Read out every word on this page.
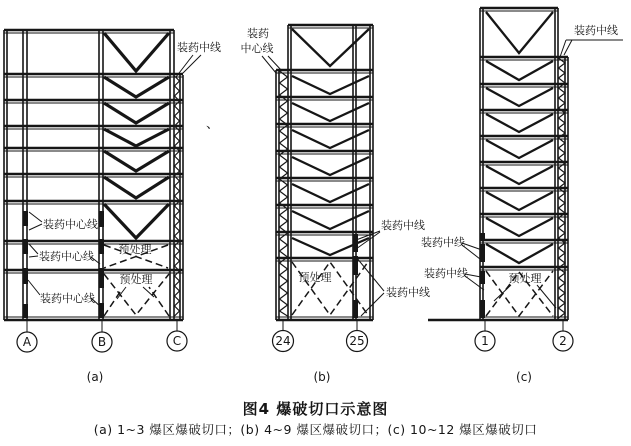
装药中线
装药中心线
装药中心线
装药中心线
预处理
预处理
A	B	C
(a)
、
装药
中心线
装药中线
装药中线
预处理
24	25
(b)
装药中线
装药中线
装药中线	预处理
1	2
(c)
图4 爆破切口示意图
(a) 1~3 爆区爆破切口；(b) 4~9 爆区爆破切口；(c) 10~12 爆区爆破切口
